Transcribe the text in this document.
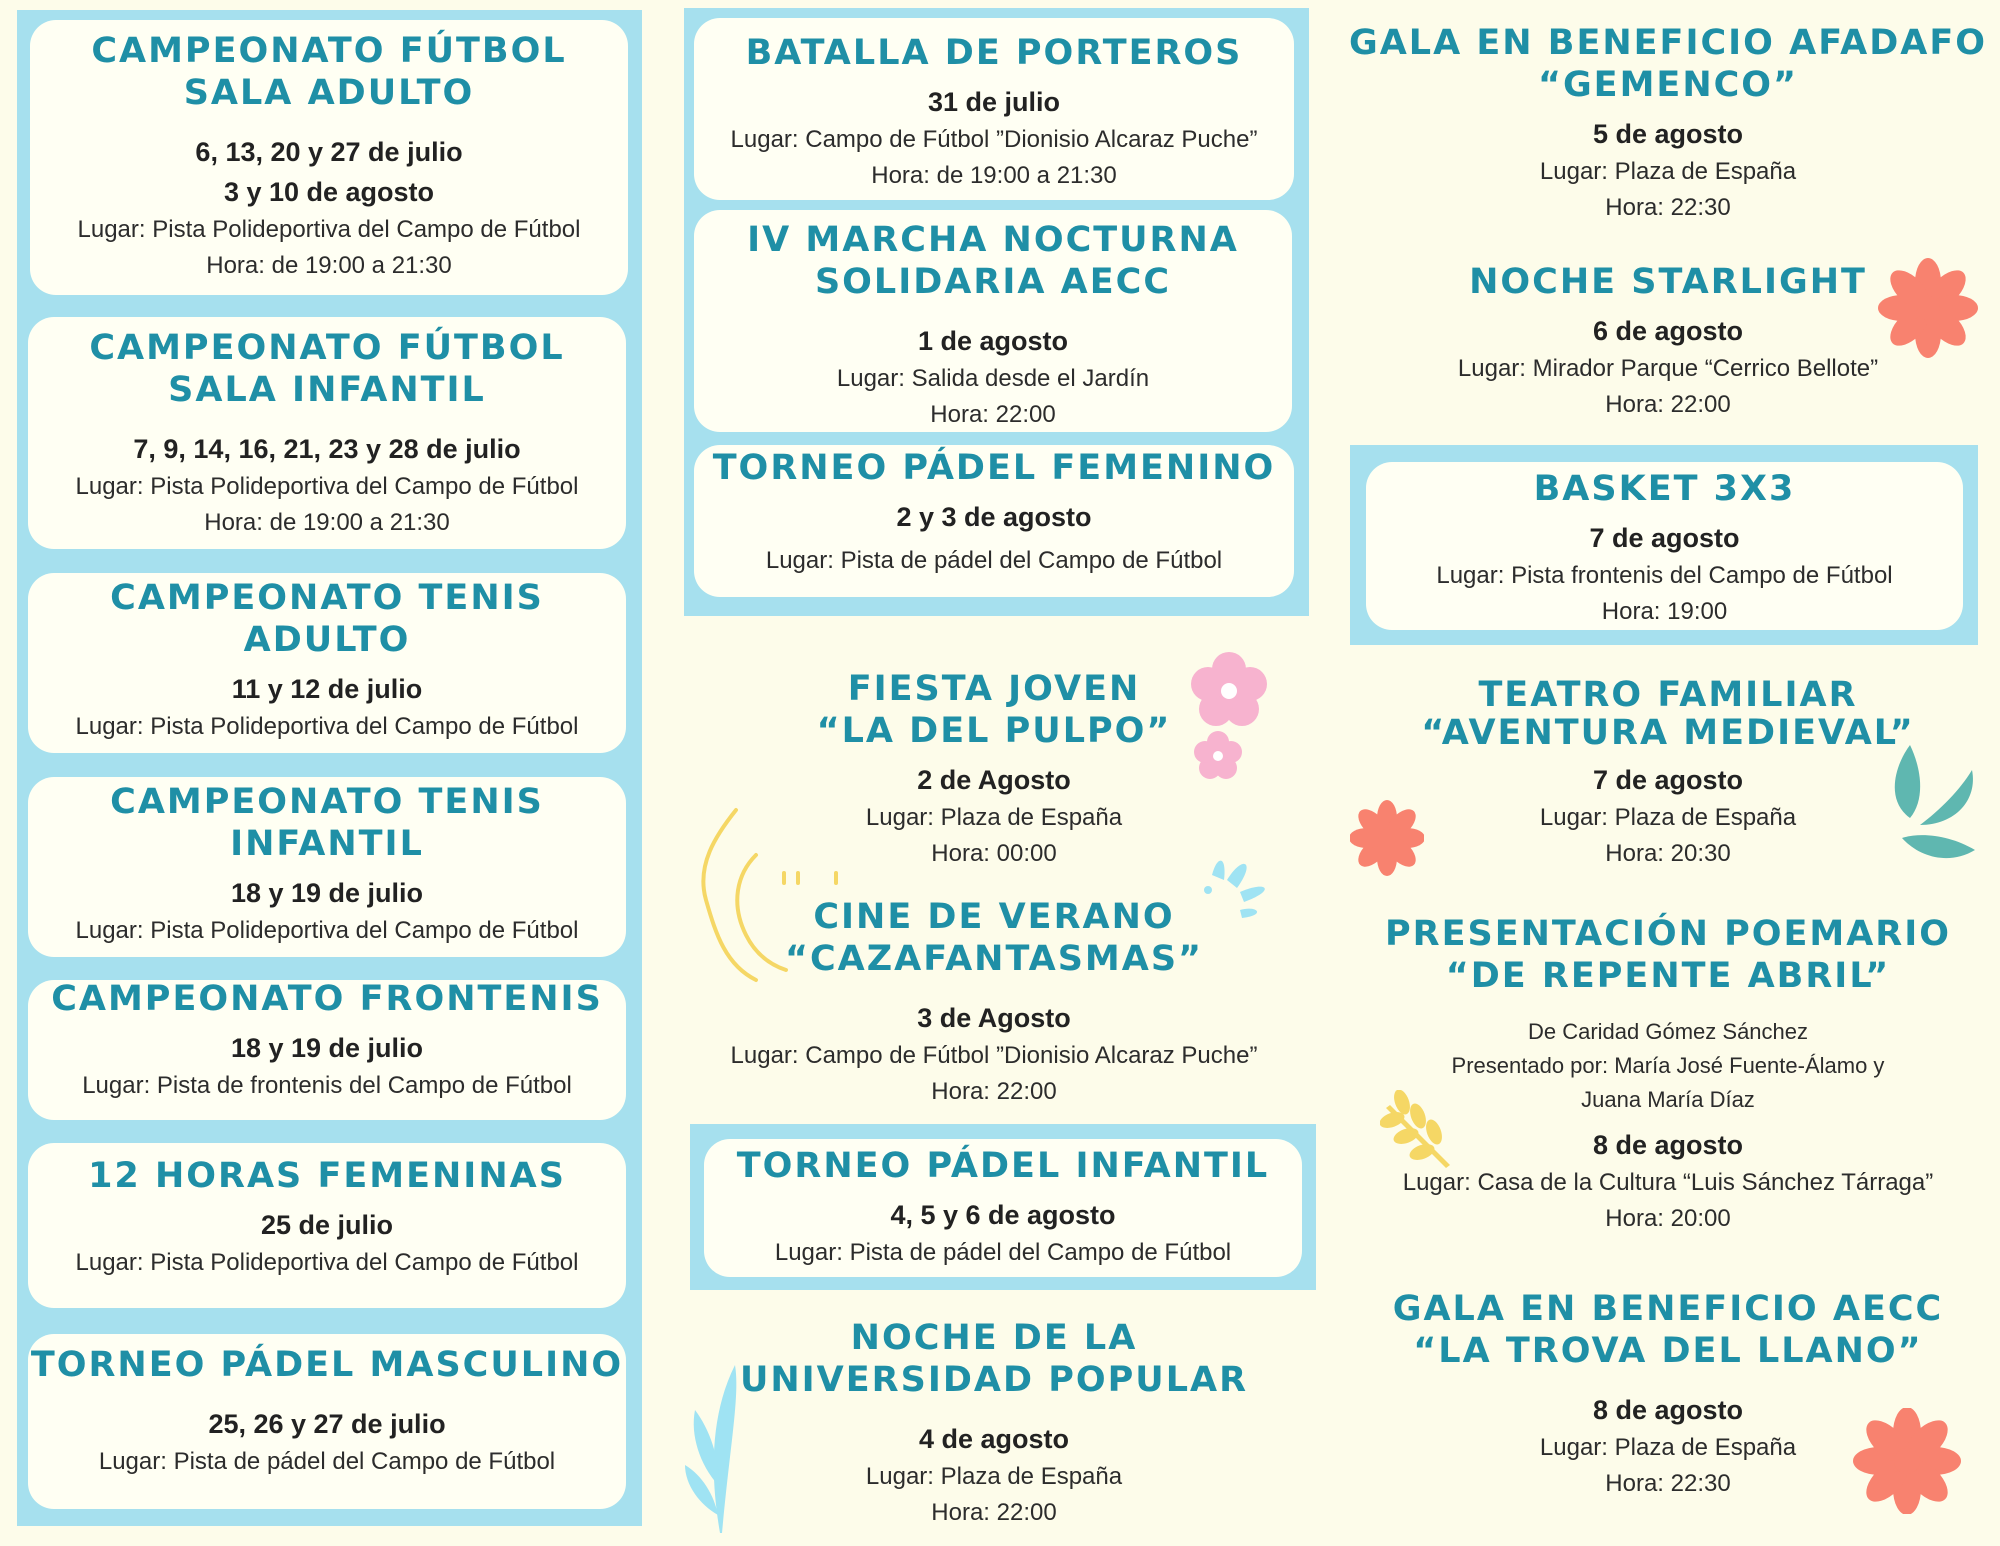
CAMPEONATO FÚTBOL
SALA ADULTO
6, 13, 20 y 27 de julio
3 y 10 de agosto
Lugar: Pista Polideportiva del Campo de Fútbol
Hora: de 19:00 a 21:30
CAMPEONATO FÚTBOL
SALA INFANTIL
7, 9, 14, 16, 21, 23 y 28 de julio
Lugar: Pista Polideportiva del Campo de Fútbol
Hora: de 19:00 a 21:30
CAMPEONATO TENIS
ADULTO
11 y 12 de julio
Lugar: Pista Polideportiva del Campo de Fútbol
CAMPEONATO TENIS
INFANTIL
18 y 19 de julio
Lugar: Pista Polideportiva del Campo de Fútbol
CAMPEONATO FRONTENIS
18 y 19 de julio
Lugar: Pista de frontenis del Campo de Fútbol
12 HORAS FEMENINAS
25 de julio
Lugar: Pista Polideportiva del Campo de Fútbol
TORNEO PÁDEL MASCULINO
25, 26 y 27 de julio
Lugar: Pista de pádel del Campo de Fútbol
BATALLA DE PORTEROS
31 de julio
Lugar: Campo de Fútbol ”Dionisio Alcaraz Puche”
Hora: de 19:00 a 21:30
IV MARCHA NOCTURNA
SOLIDARIA AECC
1 de agosto
Lugar: Salida desde el Jardín
Hora: 22:00
TORNEO PÁDEL FEMENINO
2 y 3 de agosto
Lugar: Pista de pádel del Campo de Fútbol
FIESTA JOVEN
“LA DEL PULPO”
2 de Agosto
Lugar: Plaza de España
Hora: 00:00
CINE DE VERANO
“CAZAFANTASMAS”
3 de Agosto
Lugar: Campo de Fútbol ”Dionisio Alcaraz Puche”
Hora: 22:00
TORNEO PÁDEL INFANTIL
4, 5 y 6 de agosto
Lugar: Pista de pádel del Campo de Fútbol
NOCHE DE LA
UNIVERSIDAD POPULAR
4 de agosto
Lugar: Plaza de España
Hora: 22:00
GALA EN BENEFICIO AFADAFO
“GEMENCO”
5 de agosto
Lugar: Plaza de España
Hora: 22:30
NOCHE STARLIGHT
6 de agosto
Lugar: Mirador Parque “Cerrico Bellote”
Hora: 22:00
BASKET 3X3
7 de agosto
Lugar: Pista frontenis del Campo de Fútbol
Hora: 19:00
TEATRO FAMILIAR
“AVENTURA MEDIEVAL”
7 de agosto
Lugar: Plaza de España
Hora: 20:30
PRESENTACIÓN POEMARIO
“DE REPENTE ABRIL”
De Caridad Gómez Sánchez
Presentado por: María José Fuente-Álamo y
Juana María Díaz
8 de agosto
Lugar: Casa de la Cultura “Luis Sánchez Tárraga”
Hora: 20:00
GALA EN BENEFICIO AECC
“LA TROVA DEL LLANO”
8 de agosto
Lugar: Plaza de España
Hora: 22:30
